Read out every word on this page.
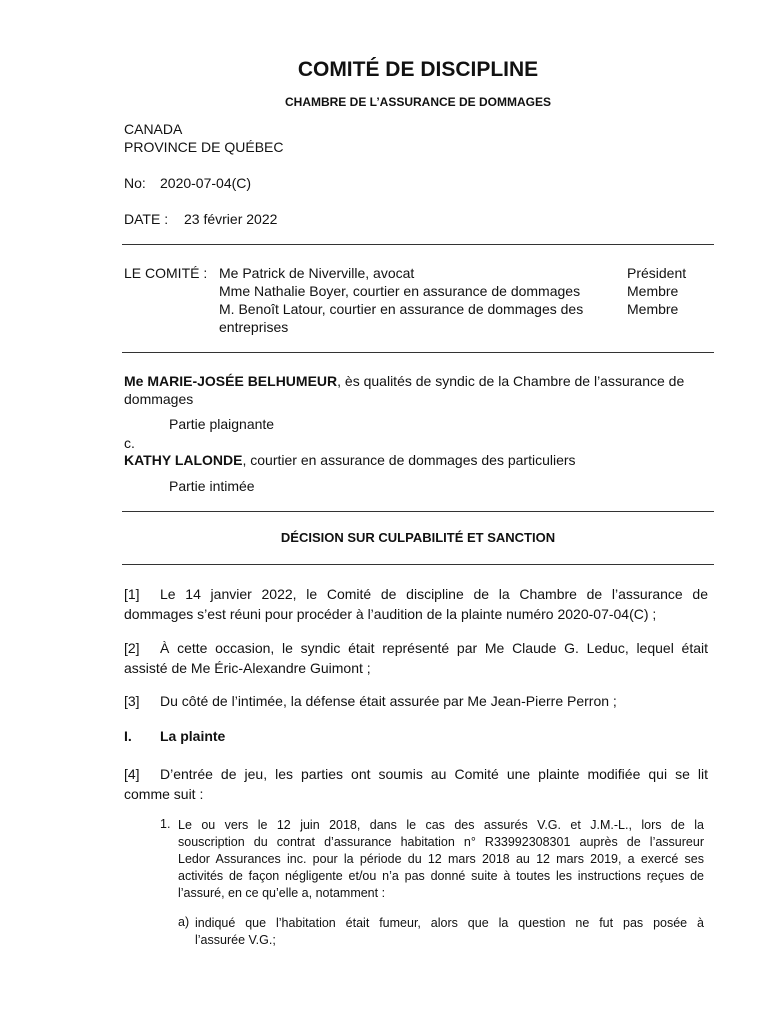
COMITÉ DE DISCIPLINE
CHAMBRE DE L’ASSURANCE DE DOMMAGES
CANADA
PROVINCE DE QUÉBEC
No: 2020-07-04(C)
DATE : 23 février 2022
LE COMITÉ : Me Patrick de Niverville, avocat	Président
Mme Nathalie Boyer, courtier en assurance de dommages	Membre
M. Benoît Latour, courtier en assurance de dommages des
entreprises
Membre
Me MARIE-JOSÉE BELHUMEUR, ès qualités de syndic de la Chambre de l’assurance de
dommages
Partie plaignante
c.
KATHY LALONDE, courtier en assurance de dommages des particuliers
Partie intimée
DÉCISION SUR CULPABILITÉ ET SANCTION
[1] Le 14 janvier 2022, le Comité de discipline de la Chambre de l’assurance de
dommages s’est réuni pour procéder à l’audition de la plainte numéro 2020-07-04(C) ;
[2] À cette occasion, le syndic était représenté par Me Claude G. Leduc, lequel était
assisté de Me Éric-Alexandre Guimont ;
[3] Du côté de l’intimée, la défense était assurée par Me Jean-Pierre Perron ;
I. La plainte
[4] D’entrée de jeu, les parties ont soumis au Comité une plainte modifiée qui se lit
comme suit :
1. Le ou vers le 12 juin 2018, dans le cas des assurés V.G. et J.M.-L., lors de la
souscription du contrat d’assurance habitation n° R33992308301 auprès de l’assureur
Ledor Assurances inc. pour la période du 12 mars 2018 au 12 mars 2019, a exercé ses
activités de façon négligente et/ou n’a pas donné suite à toutes les instructions reçues de
l’assuré, en ce qu’elle a, notamment :
a) indiqué que l’habitation était fumeur, alors que la question ne fut pas posée à
l’assurée V.G.;
